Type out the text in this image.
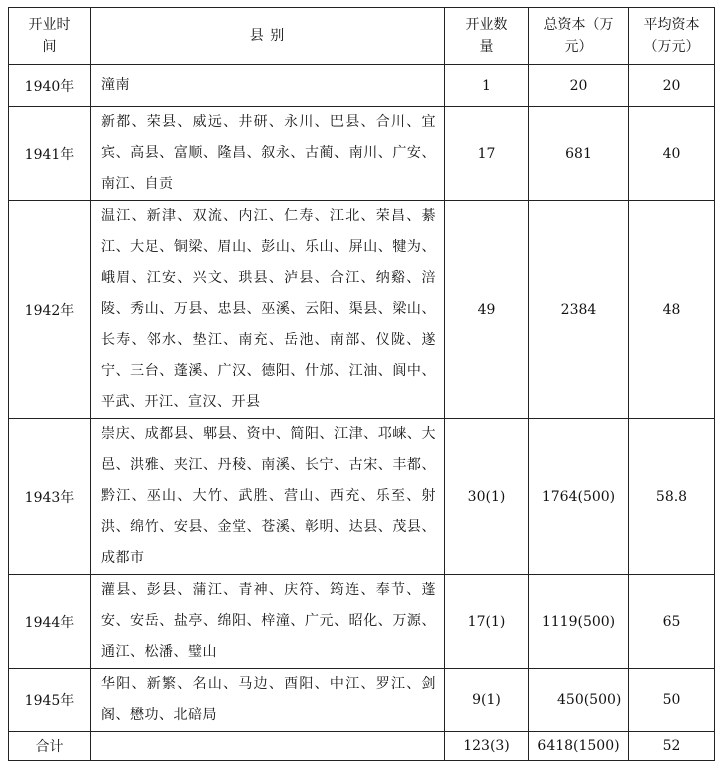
开业时间	县 别	开业数量	总资本（万元）	平均资本（万元）
1940年	潼南	1	20	20
1941年	新都、荣县、威远、井研、永川、巴县、合川、宜宾、高县、富顺、隆昌、叙永、古蔺、南川、广安、南江、自贡	17	681	40
1942年	温江、新津、双流、内江、仁寿、江北、荣昌、綦江、大足、铜梁、眉山、彭山、乐山、屏山、犍为、峨眉、江安、兴文、珙县、泸县、合江、纳谿、涪陵、秀山、万县、忠县、巫溪、云阳、渠县、梁山、长寿、邻水、垫江、南充、岳池、南部、仪陇、遂宁、三台、蓬溪、广汉、德阳、什邡、江油、阆中、平武、开江、宣汉、开县	49	2384	48
1943年	崇庆、成都县、郫县、资中、简阳、江津、邛崃、大邑、洪雅、夹江、丹稜、南溪、长宁、古宋、丰都、黔江、巫山、大竹、武胜、营山、西充、乐至、射洪、绵竹、安县、金堂、苍溪、彰明、达县、茂县、成都市	30(1)	1764(500)	58.8
1944年	灌县、彭县、蒲江、青神、庆符、筠连、奉节、蓬安、安岳、盐亭、绵阳、梓潼、广元、昭化、万源、通江、松潘、璧山	17(1)	1119(500)	65
1945年	华阳、新繁、名山、马边、酉阳、中江、罗江、剑阁、懋功、北碚局	9(1)	450(500)	50
合计		123(3)	6418(1500)	52
